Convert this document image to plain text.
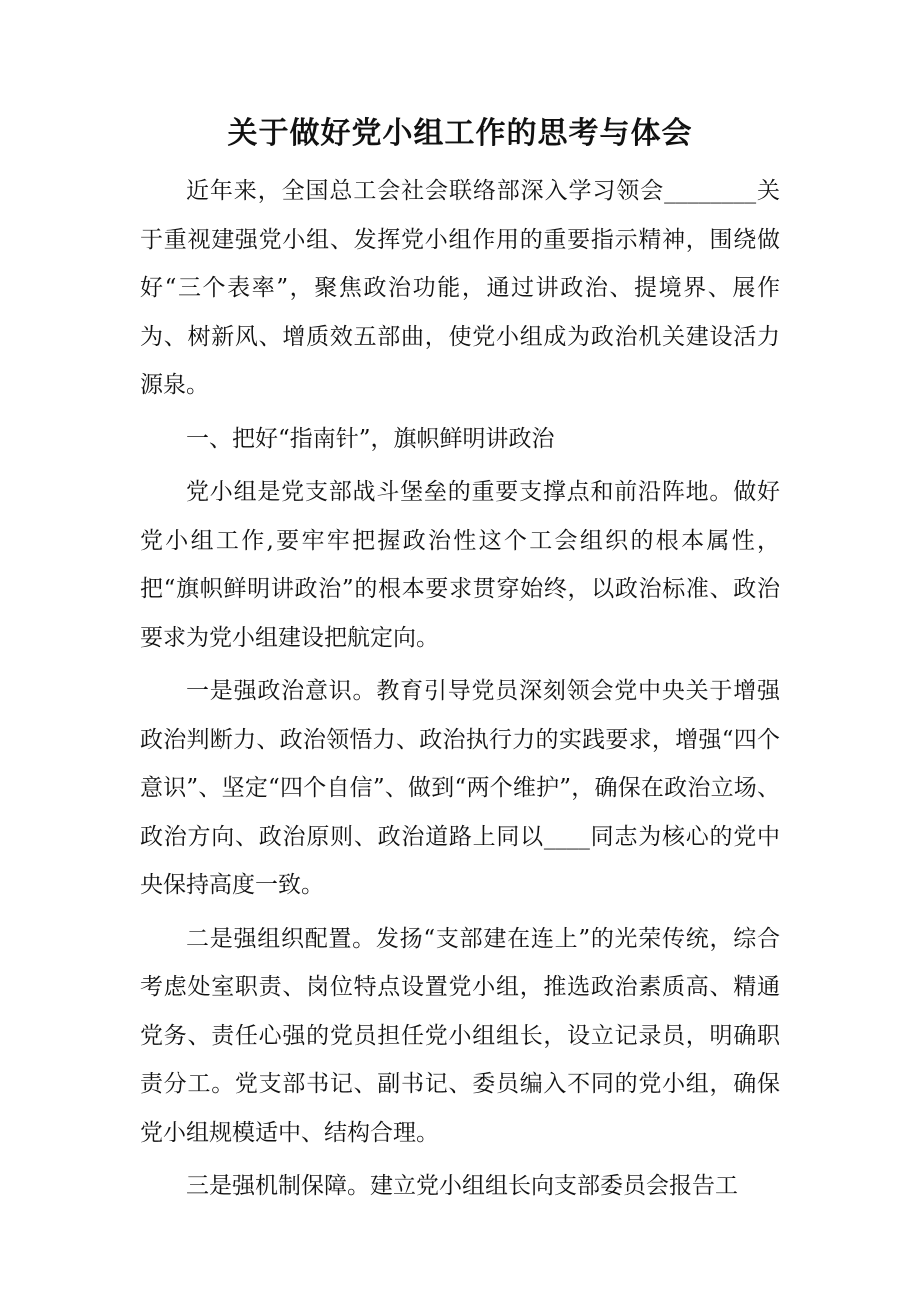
关于做好党小组工作的思考与体会

近年来，全国总工会社会联络部深入学习领会________关于重视建强党小组、发挥党小组作用的重要指示精神，围绕做好“三个表率”，聚焦政治功能，通过讲政治、提境界、展作为、树新风、增质效五部曲，使党小组成为政治机关建设活力源泉。

一、把好“指南针”，旗帜鲜明讲政治

党小组是党支部战斗堡垒的重要支撑点和前沿阵地。做好党小组工作,要牢牢把握政治性这个工会组织的根本属性，把“旗帜鲜明讲政治”的根本要求贯穿始终，以政治标准、政治要求为党小组建设把航定向。

一是强政治意识。教育引导党员深刻领会党中央关于增强政治判断力、政治领悟力、政治执行力的实践要求，增强“四个意识”、坚定“四个自信”、做到“两个维护”，确保在政治立场、政治方向、政治原则、政治道路上同以____同志为核心的党中央保持高度一致。

二是强组织配置。发扬“支部建在连上”的光荣传统，综合考虑处室职责、岗位特点设置党小组，推选政治素质高、精通党务、责任心强的党员担任党小组组长，设立记录员，明确职责分工。党支部书记、副书记、委员编入不同的党小组，确保党小组规模适中、结构合理。

三是强机制保障。建立党小组组长向支部委员会报告工
